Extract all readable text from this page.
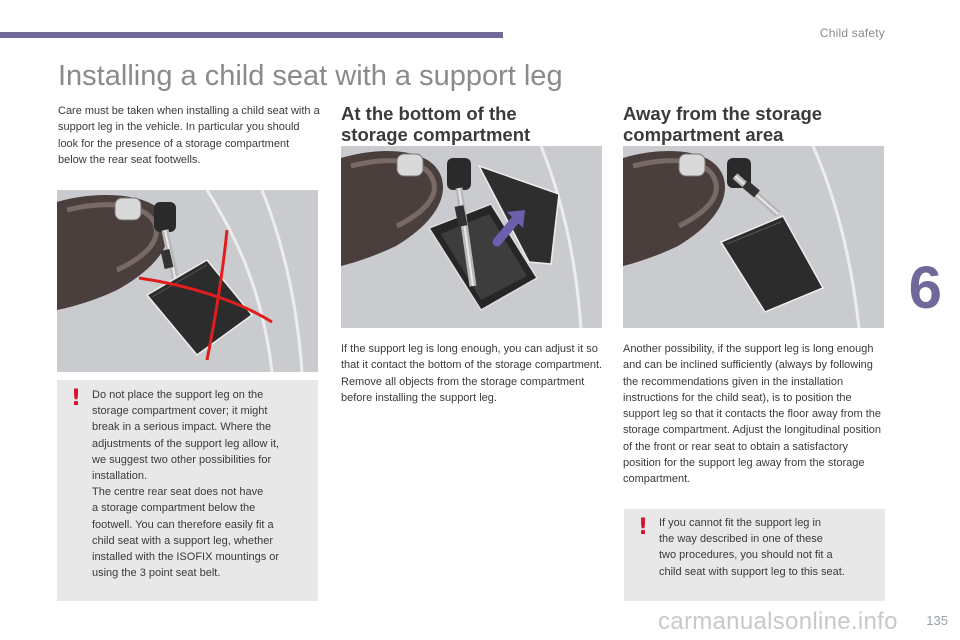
Child safety
6
Installing a child seat with a support leg

Care must be taken when installing a child seat with a support leg in the vehicle. In particular you should look for the presence of a storage compartment below the rear seat footwells.

! Do not place the support leg on the
storage compartment cover; it might
break in a serious impact. Where the
adjustments of the support leg allow it,
we suggest two other possibilities for
installation.
The centre rear seat does not have
a storage compartment below the
footwell. You can therefore easily fit a
child seat with a support leg, whether
installed with the ISOFIX mountings or
using the 3 point seat belt.

At the bottom of the
storage compartment

If the support leg is long enough, you can adjust it so that it contact the bottom of the storage compartment. Remove all objects from the storage compartment before installing the support leg.

Away from the storage
compartment area

Another possibility, if the support leg is long enough and can be inclined sufficiently (always by following the recommendations given in the installation instructions for the child seat), is to position the support leg so that it contacts the floor away from the storage compartment. Adjust the longitudinal position of the front or rear seat to obtain a satisfactory position for the support leg away from the storage compartment.

! If you cannot fit the support leg in
the way described in one of these
two procedures, you should not fit a
child seat with support leg to this seat.

carmanualsonline.info 135
